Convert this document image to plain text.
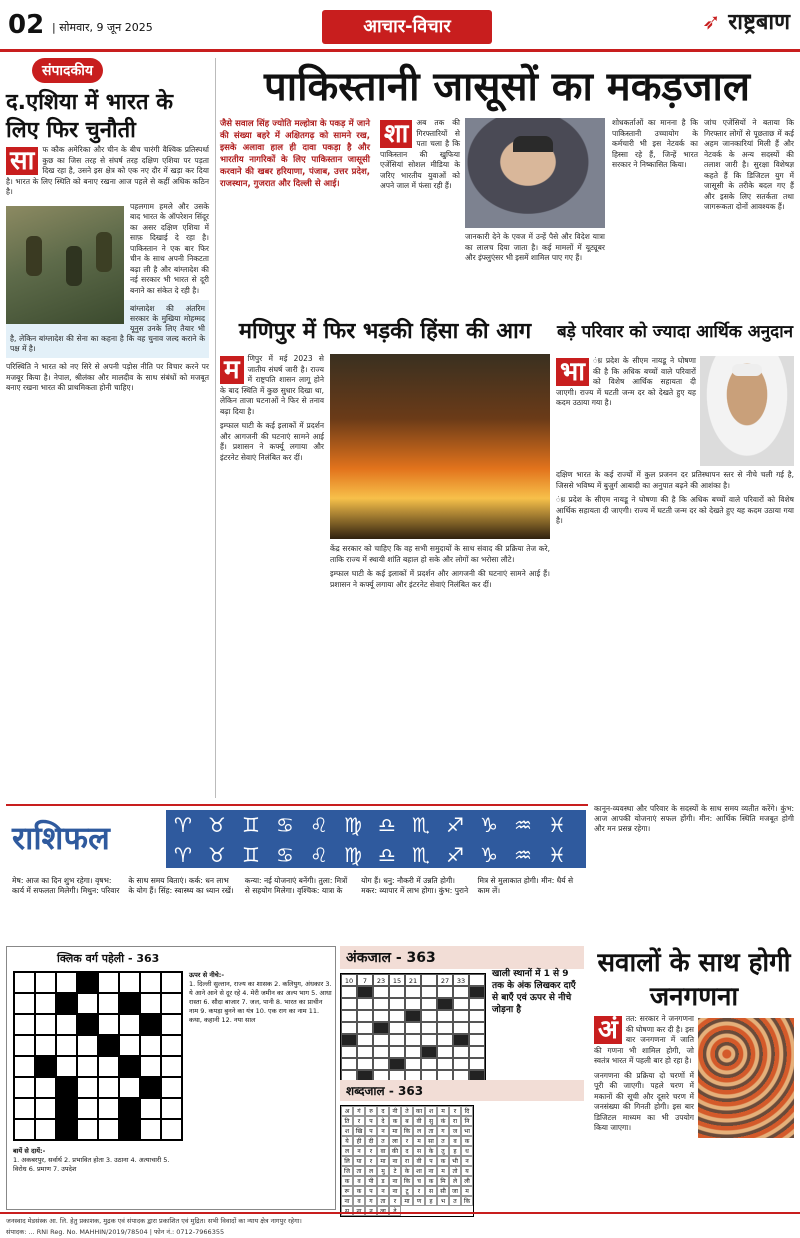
02 | सोमवार, 9 जून 2025	आचार-विचार	➶ राष्ट्रबाण
संपादकीय
द.एशिया में भारत के लिए फिर चुनौती

सा	फ कौक अमेरिका और चीन के बीच चारंगी वैश्विक प्रतिस्पर्धा कुछ का जिस तरह से संघर्ष तरह दक्षिण एशिया पर पड़ता दिख रहा है, उसने इस क्षेत्र को एक नए दौर में खड़ा कर दिया है। भारत के लिए स्थिति को बनाए रखना आज पहले से कहीं अधिक कठिन है।

पहलगाम हमले और उसके बाद भारत के ऑपरेशन सिंदूर का असर दक्षिण एशिया में साफ़ दिखाई दे रहा है। पाकिस्तान ने एक बार फिर चीन के साथ अपनी निकटता बढ़ा ली है और बांग्लादेश की नई सरकार भी भारत से दूरी बनाने का संकेत दे रही है।

बांग्लादेश की अंतरिम सरकार के मुखिया मोहम्मद यूनुस उनके लिए तैयार भी है, लेकिन बांग्लादेश की सेना का कहना है कि वह चुनाव जल्द कराने के पक्ष में है।

परिस्थिति ने भारत को नए सिरे से अपनी पड़ोस नीति पर विचार करने पर मजबूर किया है। नेपाल, श्रीलंका और मालदीव के साथ संबंधों को मजबूत बनाए रखना भारत की प्राथमिकता होनी चाहिए।

पाकिस्तानी जासूसों का मकड़जाल
जैसे सवाल सिंह ज्योति मल्होत्रा के पकड़ में जाने की संख्या बहरे में अक्षितगढ़ को सामने रख, इसके अलावा हाल ही दावा पकड़ा है और भारतीय नागरिकों के लिए पाकिस्तान जासूसी करवाने की खबर हरियाणा, पंजाब, उत्तर प्रदेश, राजस्थान, गुजरात और दिल्ली से आई।
शा	अब तक की गिरफ्तारियों से पता चला है कि पाकिस्तान की खुफिया एजेंसियां सोशल मीडिया के जरिए भारतीय युवाओं को अपने जाल में फंसा रही हैं।
जानकारी देने के एवज में उन्हें पैसे और विदेश यात्रा का लालच दिया जाता है। कई मामलों में यूट्यूबर और इंफ्लुएंसर भी इसमें शामिल पाए गए हैं।
शोधकर्ताओं का मानना है कि पाकिस्तानी उच्चायोग के कर्मचारी भी इस नेटवर्क का हिस्सा रहे हैं, जिन्हें भारत सरकार ने निष्कासित किया।
जांच एजेंसियों ने बताया कि गिरफ्तार लोगों से पूछताछ में कई अहम जानकारियां मिली हैं और नेटवर्क के अन्य सदस्यों की तलाश जारी है। सुरक्षा विशेषज्ञ कहते हैं कि डिजिटल युग में जासूसी के तरीके बदल गए हैं और इसके लिए सतर्कता तथा जागरूकता दोनों आवश्यक हैं।
मणिपुर में फिर भड़की हिंसा की आग

म	णिपुर में मई 2023 से जातीय संघर्ष जारी है। राज्य में राष्ट्रपति शासन लागू होने के बाद स्थिति में कुछ सुधार दिखा था, लेकिन ताजा घटनाओं ने फिर से तनाव बढ़ा दिया है।

इम्फाल घाटी के कई इलाकों में प्रदर्शन और आगजनी की घटनाएं सामने आई हैं। प्रशासन ने कर्फ्यू लगाया और इंटरनेट सेवाएं निलंबित कर दीं।

केंद्र सरकार को चाहिए कि वह सभी समुदायों के साथ संवाद की प्रक्रिया तेज करे, ताकि राज्य में स्थायी शांति बहाल हो सके और लोगों का भरोसा लौटे।

इम्फाल घाटी के कई इलाकों में प्रदर्शन और आगजनी की घटनाएं सामने आई हैं। प्रशासन ने कर्फ्यू लगाया और इंटरनेट सेवाएं निलंबित कर दीं।

बड़े परिवार को ज्यादा आर्थिक अनुदान
भा	ंध्र प्रदेश के सीएम नायडू ने घोषणा की है कि अधिक बच्चों वाले परिवारों को विशेष आर्थिक सहायता दी जाएगी। राज्य में घटती जन्म दर को देखते हुए यह कदम उठाया गया है।

दक्षिण भारत के कई राज्यों में कुल प्रजनन दर प्रतिस्थापन स्तर से नीचे चली गई है, जिससे भविष्य में बुजुर्ग आबादी का अनुपात बढ़ने की आशंका है।

ंध्र प्रदेश के सीएम नायडू ने घोषणा की है कि अधिक बच्चों वाले परिवारों को विशेष आर्थिक सहायता दी जाएगी। राज्य में घटती जन्म दर को देखते हुए यह कदम उठाया गया है।

राशिफल	♈ ♉ ♊ ♋ ♌ ♍ ♎ ♏ ♐ ♑ ♒ ♓♈ ♉ ♊ ♋ ♌ ♍ ♎ ♏ ♐ ♑ ♒ ♓
मेष: आज का दिन शुभ रहेगा। वृषभ: कार्य में सफलता मिलेगी। मिथुन: परिवार के साथ समय बिताएं। कर्क: धन लाभ के योग हैं। सिंह: स्वास्थ्य का ध्यान रखें। कन्या: नई योजनाएं बनेंगी। तुला: मित्रों से सहयोग मिलेगा। वृश्चिक: यात्रा के योग हैं। धनु: नौकरी में उन्नति होगी। मकर: व्यापार में लाभ होगा। कुंभ: पुराने मित्र से मुलाकात होगी। मीन: धैर्य से काम लें।
कानून-व्यवस्था और परिवार के सदस्यों के साथ समय व्यतीत करेंगे। कुंभ: आज आपकी योजनाएं सफल होंगी। मीन: आर्थिक स्थिति मजबूत होगी और मन प्रसन्न रहेगा।
क्लिक वर्ग पहेली - 363
ऊपर से नीचे:-
1. दिल्ली सुल्तान, राज्य का शासक 2. कलियुग, अंधकार 3. ये आने आने से दूर रहे 4. मेरी जमीन का अल्प भाग 5. आधा रास्ता 6. सौदा बाजार 7. जल, पानी 8. भारत का प्राचीन नाम 9. कपड़ा बुनने का यंत्र 10. एक राग का नाम 11. कथा, कहानी 12. नया साल
बायें से दायें:-
1. अकबरपुर, सर्वार्थ 2. प्रभावित होता 3. उठाना 4. अत्याचारी 5. विरोध 6. प्रमाण 7. उपदेश
अंकजाल - 363
10	7	23	15	21	27	33
खाली स्थानों में 1 से 9 तक के अंक लिखकर दाएँ से बाएँ एवं ऊपर से नीचे जोड़ना है
शब्दजाल - 363
अ	गं	रु	द	नी	ते	का	श	म	र	दि
ति	र	प	दे	क	ब	वी	सु	कं	रा	नि
श	खि	प	न	मा	कि	ल	ता	ग	ज	भा
ये	ही	दी	त	ला	र	म	सा	त	व	क
ल	न	र	वा	की	द	स	के	तु	ह	ध
लि	या	र	मा	ना	रा	वी	प	क	भी	न
जि	ता	ल	मु	टे	के	शा	ना	म	तो	य
क	व	पी	ड	ना	कि	च	क	मि	ले	ली
रू	क	प	न	ना	टू	र	स	सी	जा	म
ना	व	ग	ता	र	मा	ण	ह	भ	त	कि
स	ना	न	ला	दे
सवालों के साथ होगी जनगणना

अं	तत: सरकार ने जनगणना की घोषणा कर दी है। इस बार जनगणना में जाति की गणना भी शामिल होगी, जो स्वतंत्र भारत में पहली बार हो रहा है।

जनगणना की प्रक्रिया दो चरणों में पूरी की जाएगी। पहले चरण में मकानों की सूची और दूसरे चरण में जनसंख्या की गिनती होगी। इस बार डिजिटल माध्यम का भी उपयोग किया जाएगा।

जनस्वाद मेडसंस्क आ. लि. हेतु प्रकाशक, मुद्रक एवं संपादक द्वारा प्रकाशित एवं मुद्रित। सभी विवादों का न्याय क्षेत्र नागपुर रहेगा।
संपादक: ... RNI Reg. No. MAHHIN/2019/78504 | फोन नं.: 0712-7966355
